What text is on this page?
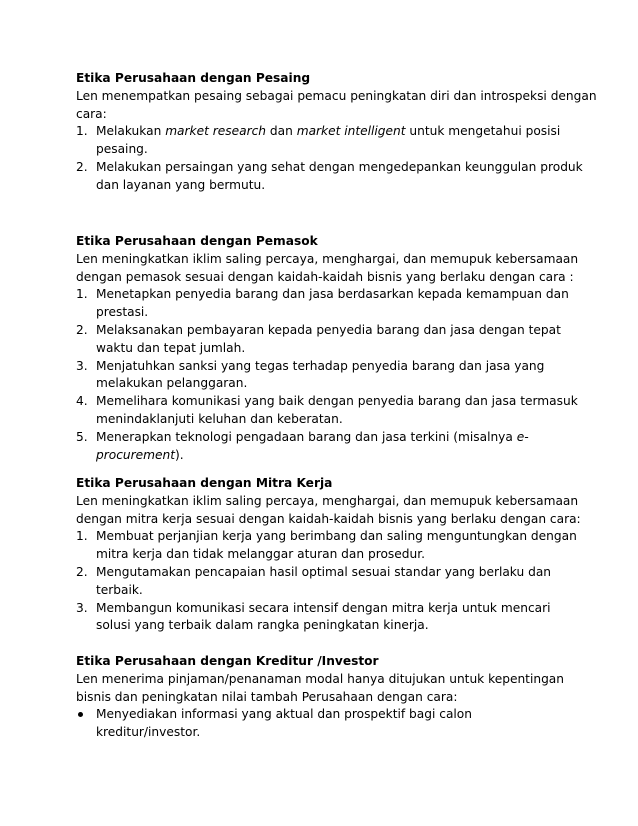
Etika Perusahaan dengan Pesaing
Len menempatkan pesaing sebagai pemacu peningkatan diri dan introspeksi dengan
cara:
1. Melakukan market research dan market intelligent untuk mengetahui posisi
pesaing.
2. Melakukan persaingan yang sehat dengan mengedepankan keunggulan produk
dan layanan yang bermutu.
Etika Perusahaan dengan Pemasok
Len meningkatkan iklim saling percaya, menghargai, dan memupuk kebersamaan
dengan pemasok sesuai dengan kaidah-kaidah bisnis yang berlaku dengan cara :
1. Menetapkan penyedia barang dan jasa berdasarkan kepada kemampuan dan
prestasi.
2. Melaksanakan pembayaran kepada penyedia barang dan jasa dengan tepat
waktu dan tepat jumlah.
3. Menjatuhkan sanksi yang tegas terhadap penyedia barang dan jasa yang
melakukan pelanggaran.
4. Memelihara komunikasi yang baik dengan penyedia barang dan jasa termasuk
menindaklanjuti keluhan dan keberatan.
5. Menerapkan teknologi pengadaan barang dan jasa terkini (misalnya e-
procurement).
Etika Perusahaan dengan Mitra Kerja
Len meningkatkan iklim saling percaya, menghargai, dan memupuk kebersamaan
dengan mitra kerja sesuai dengan kaidah-kaidah bisnis yang berlaku dengan cara:
1. Membuat perjanjian kerja yang berimbang dan saling menguntungkan dengan
mitra kerja dan tidak melanggar aturan dan prosedur.
2. Mengutamakan pencapaian hasil optimal sesuai standar yang berlaku dan
terbaik.
3. Membangun komunikasi secara intensif dengan mitra kerja untuk mencari
solusi yang terbaik dalam rangka peningkatan kinerja.
Etika Perusahaan dengan Kreditur /Investor
Len menerima pinjaman/penanaman modal hanya ditujukan untuk kepentingan
bisnis dan peningkatan nilai tambah Perusahaan dengan cara:
Menyediakan informasi yang aktual dan prospektif bagi calon
kreditur/investor.
